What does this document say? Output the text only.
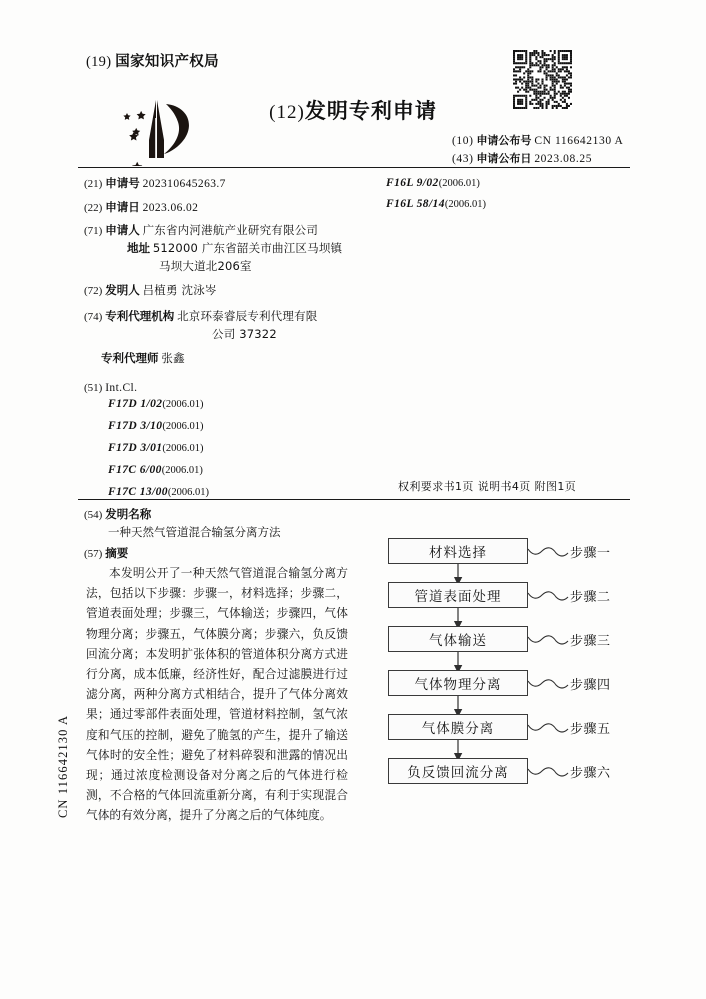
(19) 国家知识产权局
(12)发明专利申请
(10) 申请公布号 CN 116642130 A
(43) 申请公布日 2023.08.25
(21) 申请号 202310645263.7
(22) 申请日 2023.06.02
(71) 申请人 广东省内河港航产业研究有限公司
地址 512000 广东省韶关市曲江区马坝镇
马坝大道北206室
(72) 发明人 吕植勇 沈泳岑
(74) 专利代理机构 北京环泰睿辰专利代理有限
公司 37322
专利代理师 张鑫
(51) Int.Cl.
F17D 1/02(2006.01)
F17D 3/10(2006.01)
F17D 3/01(2006.01)
F17C 6/00(2006.01)
F17C 13/00(2006.01)
F16L 9/02(2006.01)
F16L 58/14(2006.01)
权利要求书1页 说明书4页 附图1页
(54) 发明名称
一种天然气管道混合输氢分离方法
(57) 摘要
本发明公开了一种天然气管道混合输氢分离方法，包括以下步骤：步骤一，材料选择；步骤二，管道表面处理；步骤三，气体输送；步骤四，气体物理分离；步骤五，气体膜分离；步骤六，负反馈回流分离；本发明扩张体积的管道体积分离方式进行分离，成本低廉，经济性好，配合过滤膜进行过滤分离，两种分离方式相结合，提升了气体分离效果；通过零部件表面处理，管道材料控制，氢气浓度和气压的控制，避免了脆氢的产生，提升了输送气体时的安全性；避免了材料碎裂和泄露的情况出现；通过浓度检测设备对分离之后的气体进行检测，不合格的气体回流重新分离，有利于实现混合气体的有效分离，提升了分离之后的气体纯度。
CN 116642130 A
材料选择	步骤一
管道表面处理	步骤二
气体输送	步骤三
气体物理分离	步骤四
气体膜分离	步骤五
负反馈回流分离	步骤六
